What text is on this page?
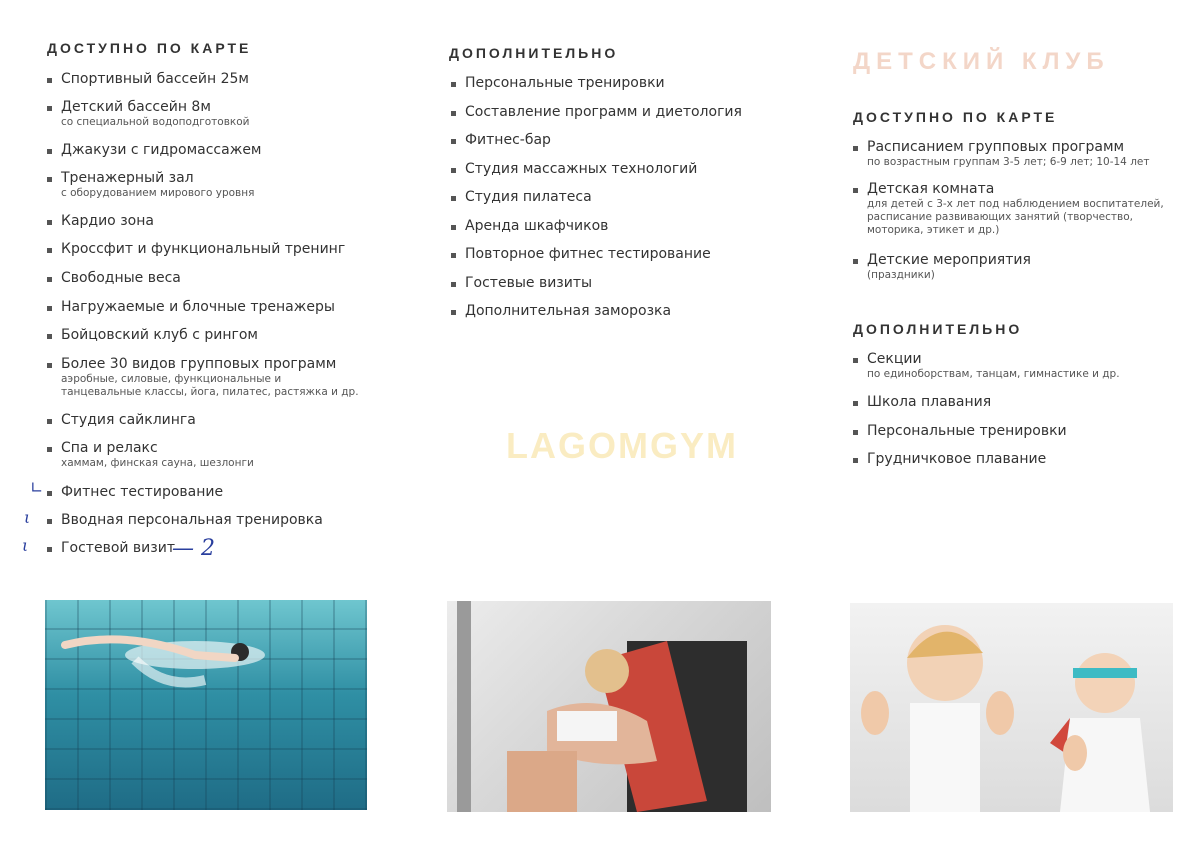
ДОСТУПНО ПО КАРТЕ
Спортивный бассейн 25м
Детский бассейн 8м
со специальной водоподготовкой
Джакузи с гидромассажем
Тренажерный зал
с оборудованием мирового уровня
Кардио зона
Кроссфит и функциональный тренинг
Свободные веса
Нагружаемые и блочные тренажеры
Бойцовский клуб с рингом
Более 30 видов групповых программ
аэробные, силовые, функциональные и танцевальные классы, йога, пилатес, растяжка и др.
Студия сайклинга
Спа и релакс
хаммам, финская сауна, шезлонги
Фитнес тестирование
Вводная персональная тренировка
Гостевой визит
∟
ι
ι	— 2
ДОПОЛНИТЕЛЬНО
Персональные тренировки
Составление программ и диетология
Фитнес-бар
Студия массажных технологий
Студия пилатеса
Аренда шкафчиков
Повторное фитнес тестирование
Гостевые визиты
Дополнительная заморозка
LAGOMGYM
ДЕТСКИЙ КЛУБ
ДОСТУПНО ПО КАРТЕ
Расписанием групповых программ
по возрастным группам 3-5 лет; 6-9 лет; 10-14 лет
Детская комната
для детей с 3-х лет под наблюдением воспитателей, расписание развивающих занятий (творчество, моторика, этикет и др.)
Детские мероприятия
(праздники)
ДОПОЛНИТЕЛЬНО
Секции
по единоборствам, танцам, гимнастике и др.
Школа плавания
Персональные тренировки
Грудничковое плавание
